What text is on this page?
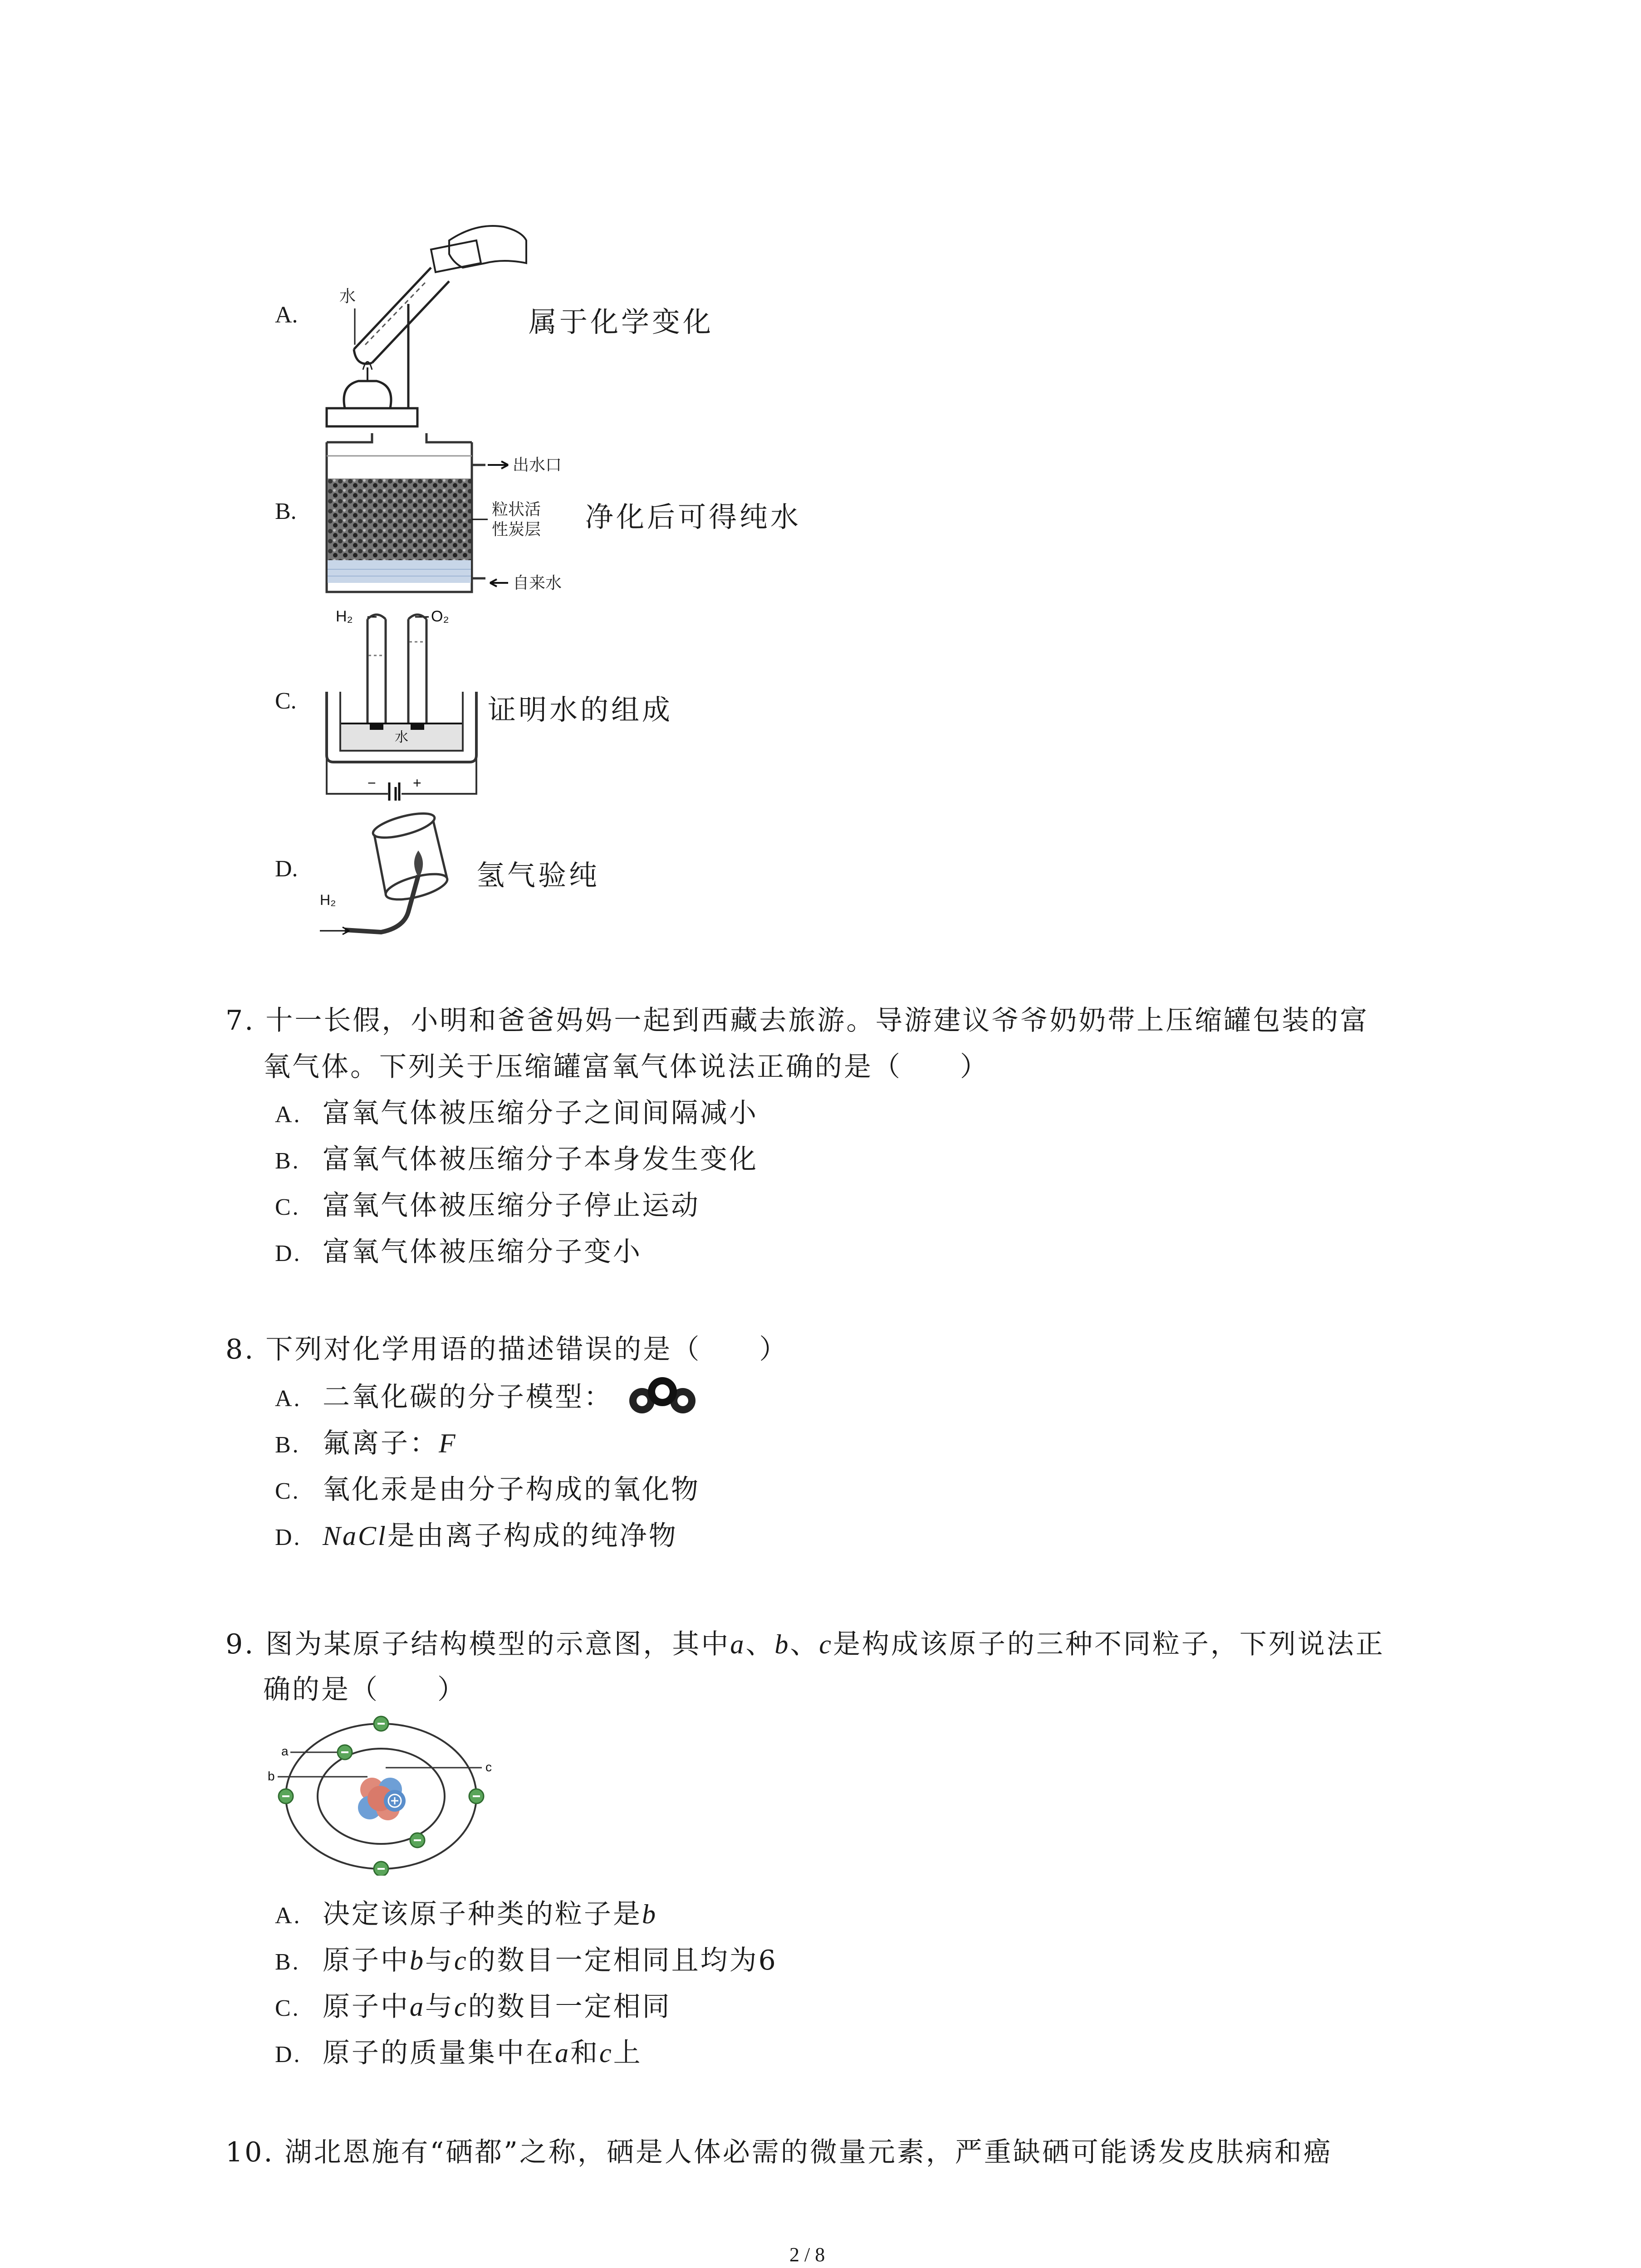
A.
水
属于化学变化
B.
出水口
粒状活
性炭层
自来水
净化后可得纯水
C.
H₂	O₂
水
−	+
证明水的组成
D.
H₂
氢气验纯
7. 十一长假，小明和爸爸妈妈一起到西藏去旅游。导游建议爷爷奶奶带上压缩罐包装的富
氧气体。下列关于压缩罐富氧气体说法正确的是（　　）
A. 富氧气体被压缩分子之间间隔减小
B. 富氧气体被压缩分子本身发生变化
C. 富氧气体被压缩分子停止运动
D. 富氧气体被压缩分子变小
8. 下列对化学用语的描述错误的是（　　）
A. 二氧化碳的分子模型：
B. 氟离子：F
C. 氧化汞是由分子构成的氧化物
D. NaCl是由离子构成的纯净物
9. 图为某原子结构模型的示意图，其中a、b、c是构成该原子的三种不同粒子，下列说法正
确的是（　　）
a
b
c
A. 决定该原子种类的粒子是b
B. 原子中b与c的数目一定相同且均为6
C. 原子中a与c的数目一定相同
D. 原子的质量集中在a和c上
10. 湖北恩施有“硒都”之称，硒是人体必需的微量元素，严重缺硒可能诱发皮肤病和癌
2 / 8
